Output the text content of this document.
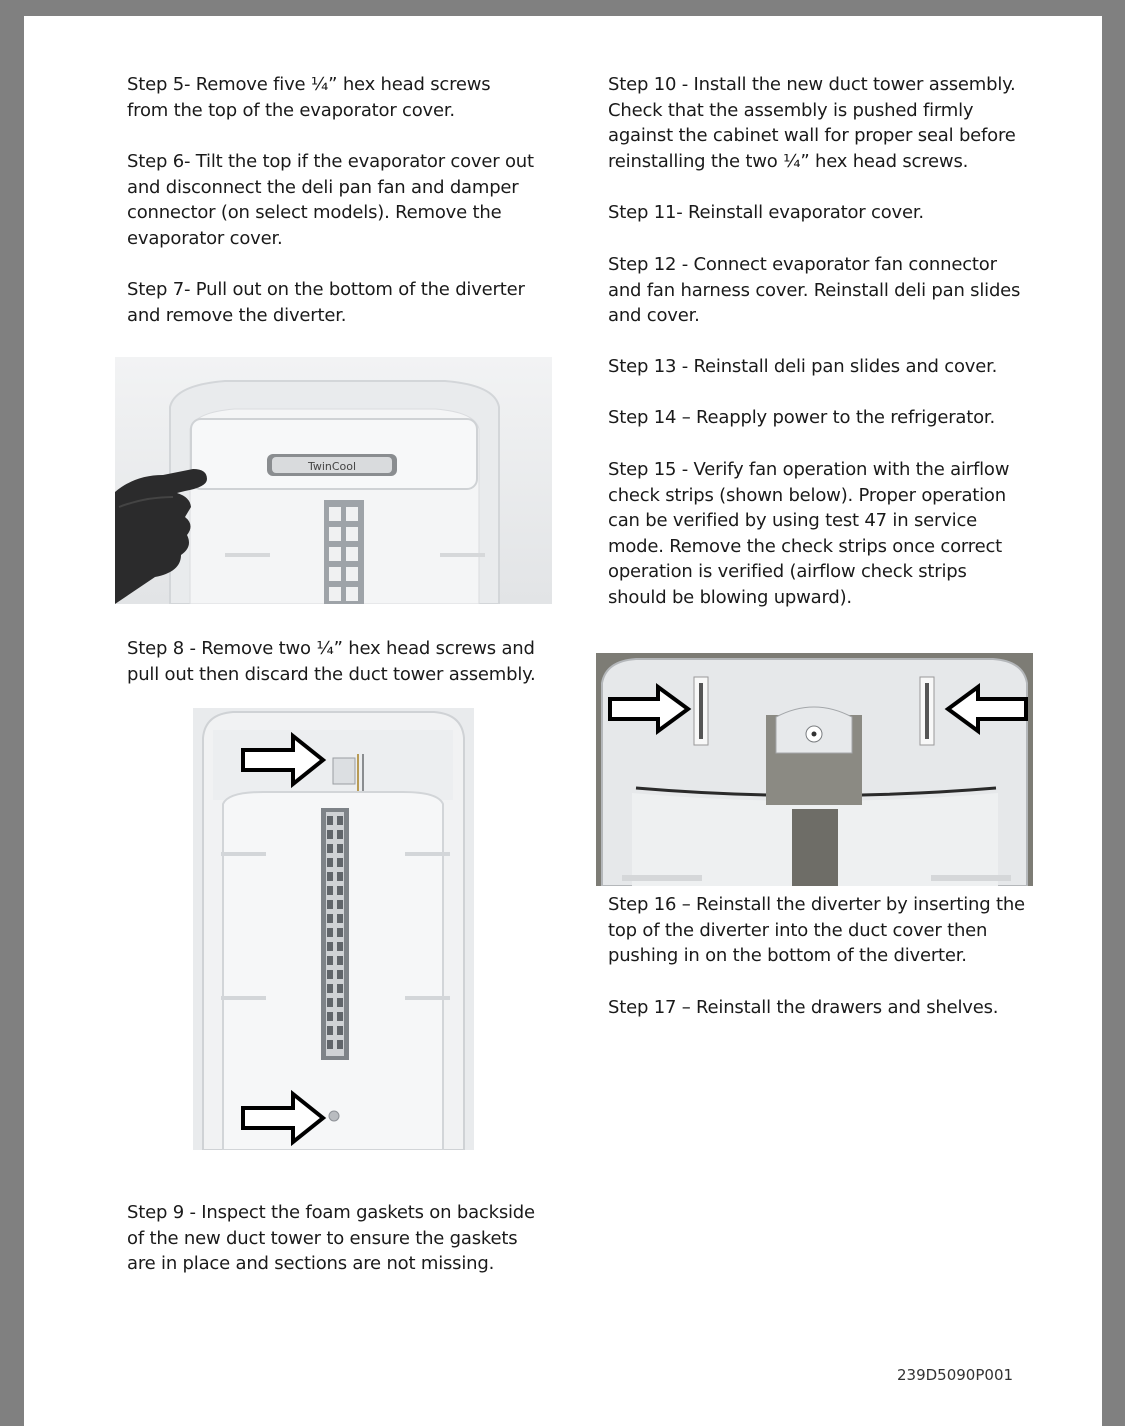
Step 5- Remove five ¼” hex head screws
from the top of the evaporator cover.

Step 6- Tilt the top if the evaporator cover out
and disconnect the deli pan fan and damper
connector (on select models). Remove the
evaporator cover.

Step 7- Pull out on the bottom of the diverter
and remove the diverter.

TwinCool

Step 8 - Remove two ¼” hex head screws and
pull out then discard the duct tower assembly.

Step 9 - Inspect the foam gaskets on backside
of the new duct tower to ensure the gaskets
are in place and sections are not missing.

Step 10 - Install the new duct tower assembly.
Check that the assembly is pushed firmly
against the cabinet wall for proper seal before
reinstalling the two ¼” hex head screws.

Step 11- Reinstall evaporator cover.

Step 12 - Connect evaporator fan connector
and fan harness cover. Reinstall deli pan slides
and cover.

Step 13 - Reinstall deli pan slides and cover.

Step 14 – Reapply power to the refrigerator.

Step 15 - Verify fan operation with the airflow
check strips (shown below). Proper operation
can be verified by using test 47 in service
mode. Remove the check strips once correct
operation is verified (airflow check strips
should be blowing upward).

Step 16 – Reinstall the diverter by inserting the
top of the diverter into the duct cover then
pushing in on the bottom of the diverter.

Step 17 – Reinstall the drawers and shelves.

239D5090P001
